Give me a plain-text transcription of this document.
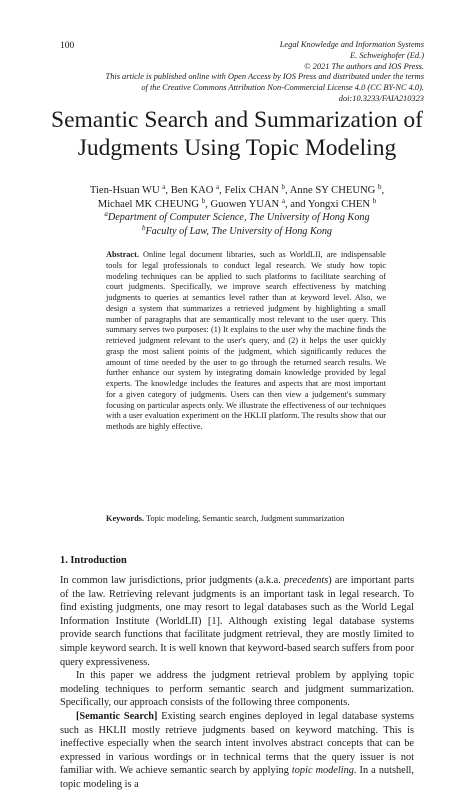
100	Legal Knowledge and Information Systems
E. Schweighofer (Ed.)
© 2021 The authors and IOS Press.
This article is published online with Open Access by IOS Press and distributed under the terms
of the Creative Commons Attribution Non-Commercial License 4.0 (CC BY-NC 4.0).
doi:10.3233/FAIA210323
Semantic Search and Summarization of
Judgments Using Topic Modeling
Tien-Hsuan WU $^a$, Ben KAO $^a$, Felix CHAN $^b$, Anne SY CHEUNG $^b$,
Michael MK CHEUNG $^b$, Guowen YUAN $^a$, and Yongxi CHEN $^b$
$^a$Department of Computer Science, The University of Hong Kong
$^b$Faculty of Law, The University of Hong Kong
Abstract. Online legal document libraries, such as WorldLII, are indispensable tools for legal professionals to conduct legal research. We study how topic modeling techniques can be applied to such platforms to facilitate searching of court judgments. Specifically, we improve search effectiveness by matching judgments to queries at semantics level rather than at keyword level. Also, we design a system that summarizes a retrieved judgment by highlighting a small number of paragraphs that are semantically most relevant to the user query. This summary serves two purposes: (1) It explains to the user why the machine finds the retrieved judgment relevant to the user's query, and (2) it helps the user quickly grasp the most salient points of the judgment, which significantly reduces the amount of time needed by the user to go through the returned search results. We further enhance our system by integrating domain knowledge provided by legal experts. The knowledge includes the features and aspects that are most important for a given category of judgments. Users can then view a judgement's summary focusing on particular aspects only. We illustrate the effectiveness of our techniques with a user evaluation experiment on the HKLII platform. The results show that our methods are highly effective.
Keywords. Topic modeling, Semantic search, Judgment summarization
1. Introduction

In common law jurisdictions, prior judgments (a.k.a. precedents) are important parts of the law. Retrieving relevant judgments is an important task in legal research. To find existing judgments, one may resort to legal databases such as the World Legal Information Institute (WorldLII) [1]. Although existing legal database systems provide search functions that facilitate judgment retrieval, they are mostly limited to simple keyword search. It is well known that keyword-based search suffers from poor query expressiveness.

In this paper we address the judgment retrieval problem by applying topic modeling techniques to perform semantic search and judgment summarization. Specifically, our approach consists of the following three components.

[Semantic Search] Existing search engines deployed in legal database systems such as HKLII mostly retrieve judgments based on keyword matching. This is ineffective especially when the search intent involves abstract concepts that can be expressed in various wordings or in technical terms that the query issuer is not familiar with. We achieve semantic search by applying topic modeling. In a nutshell, topic modeling is a
